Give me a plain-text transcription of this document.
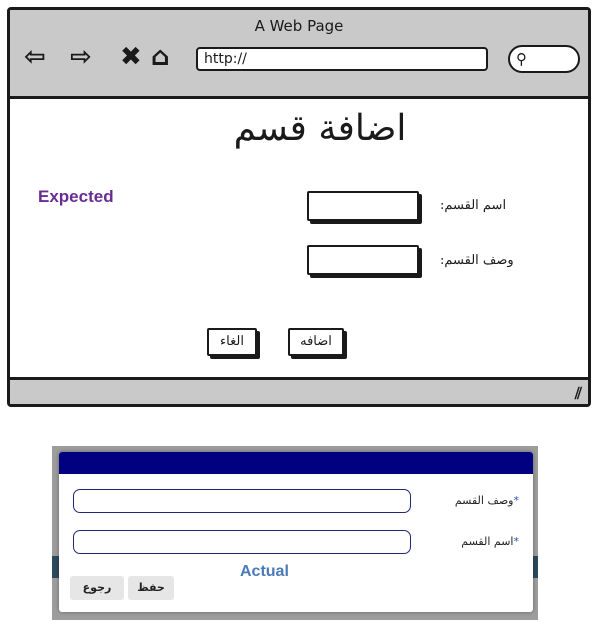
A Web Page
⇦ ⇨ ✖ ⌂	http://	⚲
اضافة قسم
Expected	اسم القسم:
وصف القسم:
الغاء	اضافه
⫽
*وصف القسم
*اسم القسم
رجوع	حفظ
Actual
